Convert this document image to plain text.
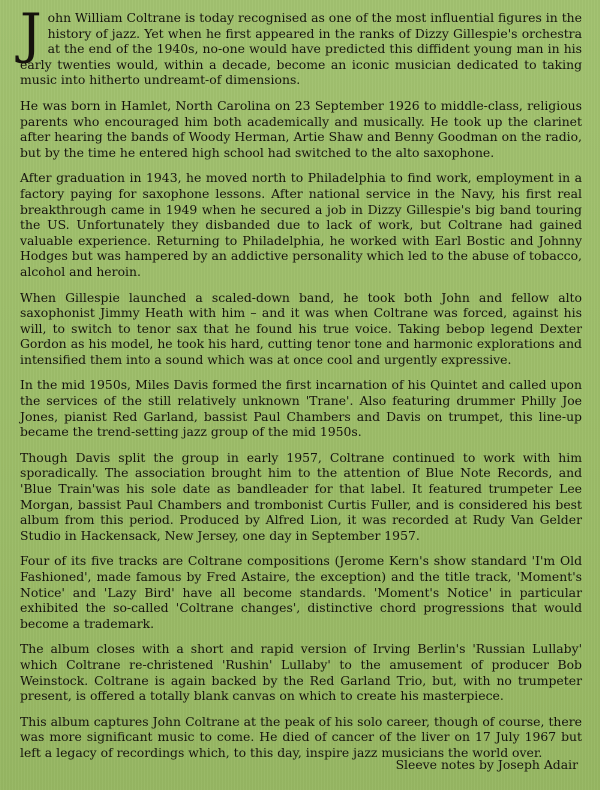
John William Coltrane is today recognised as one of the most influential figures in the history of jazz. Yet when he first appeared in the ranks of Dizzy Gillespie's orchestra at the end of the 1940s, no-one would have predicted this diffident young man in his early twenties would, within a decade, become an iconic musician dedicated to taking music into hitherto undreamt-of dimensions.

He was born in Hamlet, North Carolina on 23 September 1926 to middle-class, religious parents who encouraged him both academically and musically. He took up the clarinet after hearing the bands of Woody Herman, Artie Shaw and Benny Goodman on the radio, but by the time he entered high school had switched to the alto saxophone.

After graduation in 1943, he moved north to Philadelphia to find work, employment in a factory paying for saxophone lessons. After national service in the Navy, his first real breakthrough came in 1949 when he secured a job in Dizzy Gillespie's big band touring the US. Unfortunately they disbanded due to lack of work, but Coltrane had gained valuable experience. Returning to Philadelphia, he worked with Earl Bostic and Johnny Hodges but was hampered by an addictive personality which led to the abuse of tobacco, alcohol and heroin.

When Gillespie launched a scaled-down band, he took both John and fellow alto saxophonist Jimmy Heath with him – and it was when Coltrane was forced, against his will, to switch to tenor sax that he found his true voice. Taking bebop legend Dexter Gordon as his model, he took his hard, cutting tenor tone and harmonic explorations and intensified them into a sound which was at once cool and urgently expressive.

In the mid 1950s, Miles Davis formed the first incarnation of his Quintet and called upon the services of the still relatively unknown 'Trane'. Also featuring drummer Philly Joe Jones, pianist Red Garland, bassist Paul Chambers and Davis on trumpet, this line-up became the trend-setting jazz group of the mid 1950s.

Though Davis split the group in early 1957, Coltrane continued to work with him sporadically. The association brought him to the attention of Blue Note Records, and 'Blue Train'was his sole date as bandleader for that label. It featured trumpeter Lee Morgan, bassist Paul Chambers and trombonist Curtis Fuller, and is considered his best album from this period. Produced by Alfred Lion, it was recorded at Rudy Van Gelder Studio in Hackensack, New Jersey, one day in September 1957.

Four of its five tracks are Coltrane compositions (Jerome Kern's show standard 'I'm Old Fashioned', made famous by Fred Astaire, the exception) and the title track, 'Moment's Notice' and 'Lazy Bird' have all become standards. 'Moment's Notice' in particular exhibited the so-called 'Coltrane changes', distinctive chord progressions that would become a trademark.

The album closes with a short and rapid version of Irving Berlin's 'Russian Lullaby' which Coltrane re-christened 'Rushin' Lullaby' to the amusement of producer Bob Weinstock. Coltrane is again backed by the Red Garland Trio, but, with no trumpeter present, is offered a totally blank canvas on which to create his masterpiece.

This album captures John Coltrane at the peak of his solo career, though of course, there was more significant music to come. He died of cancer of the liver on 17 July 1967 but left a legacy of recordings which, to this day, inspire jazz musicians the world over.

Sleeve notes by Joseph Adair
